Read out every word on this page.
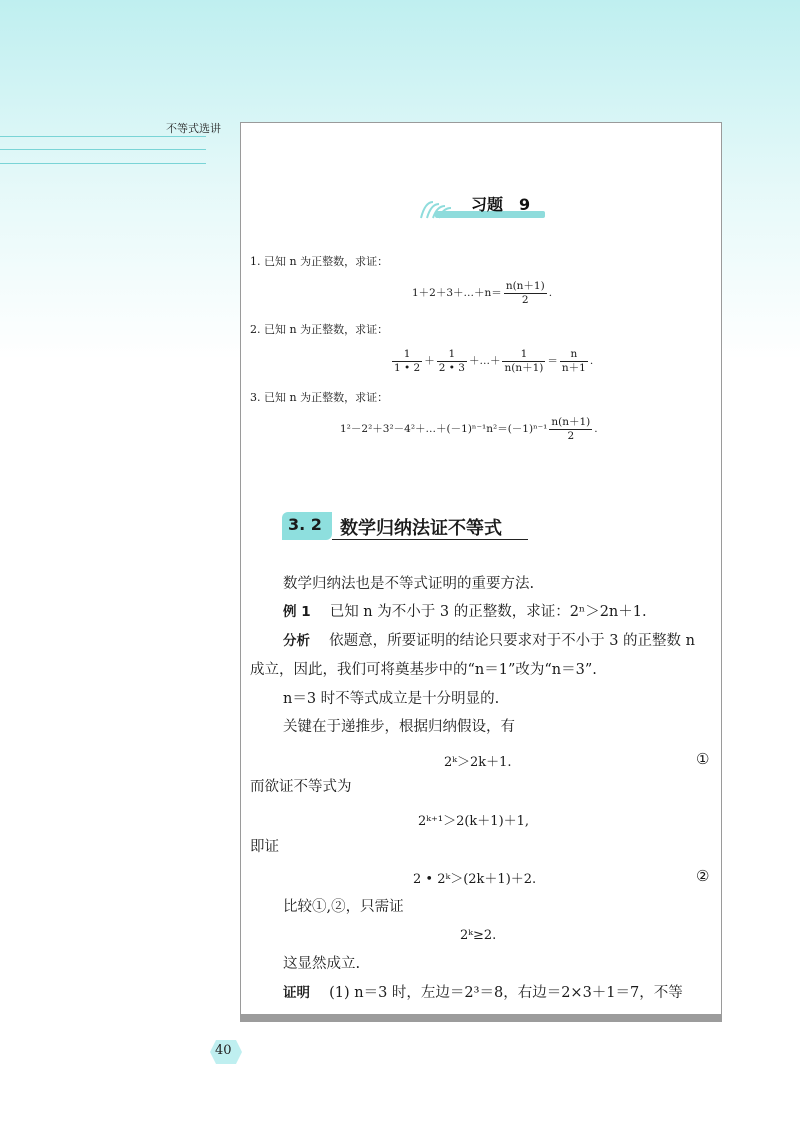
不等式选讲
习题　9
1. 已知 n 为正整数，求证：
1＋2＋3＋…＋n＝ $\frac{n(n+1)}{2}$ .
2. 已知 n 为正整数，求证：
$\frac{1}{1 • 2} + \frac{1}{2 • 3}$ ＋…＋ $\frac{1}{n(n+1)} = \frac{n}{n+1}$ .
3. 已知 n 为正整数，求证：
1²－2²＋3²－4²＋…＋(－1)ⁿ⁻¹n²＝(－1)ⁿ⁻¹ $\frac{n(n+1)}{2}$ .
3. 2 数学归纳法证不等式
数学归纳法也是不等式证明的重要方法.
例 1　 已知 n 为不小于 3 的正整数，求证：2ⁿ＞2n＋1.
分析　 依题意，所要证明的结论只要求对于不小于 3 的正整数 n
成立，因此，我们可将奠基步中的“n＝1”改为“n＝3”.
n＝3 时不等式成立是十分明显的.
关键在于递推步，根据归纳假设，有
2ᵏ＞2k＋1.	①
而欲证不等式为
2ᵏ⁺¹＞2(k＋1)＋1,
即证
2 • 2ᵏ＞(2k＋1)＋2.	②
比较①,②，只需证
2ᵏ≥2.
这显然成立.
证明　 (1) n＝3 时，左边＝2³＝8，右边＝2×3＋1＝7，不等
40
